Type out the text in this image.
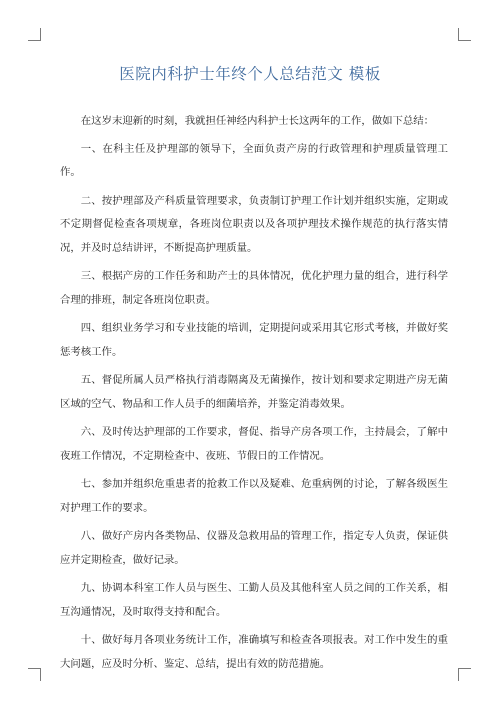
医院内科护士年终个人总结范文 模板

在这岁末迎新的时刻，我就担任神经内科护士长这两年的工作，做如下总结：

一、在科主任及护理部的领导下，全面负责产房的行政管理和护理质量管理工作。

二、按护理部及产科质量管理要求，负责制订护理工作计划并组织实施，定期或不定期督促检查各项规章，各班岗位职责以及各项护理技术操作规范的执行落实情况，并及时总结讲评，不断提高护理质量。

三、根据产房的工作任务和助产士的具体情况，优化护理力量的组合，进行科学合理的排班，制定各班岗位职责。

四、组织业务学习和专业技能的培训，定期提问或采用其它形式考核，并做好奖惩考核工作。

五、督促所属人员严格执行消毒隔离及无菌操作，按计划和要求定期进产房无菌区域的空气、物品和工作人员手的细菌培养，并鉴定消毒效果。

六、及时传达护理部的工作要求，督促、指导产房各项工作，主持晨会，了解中夜班工作情况，不定期检查中、夜班、节假日的工作情况。

七、参加并组织危重患者的抢救工作以及疑难、危重病例的讨论，了解各级医生对护理工作的要求。

八、做好产房内各类物品、仪器及急救用品的管理工作，指定专人负责，保证供应并定期检查，做好记录。

九、协调本科室工作人员与医生、工勤人员及其他科室人员之间的工作关系，相互沟通情况，及时取得支持和配合。

十、做好每月各项业务统计工作，准确填写和检查各项报表。对工作中发生的重大问题，应及时分析、鉴定、总结，提出有效的防范措施。
